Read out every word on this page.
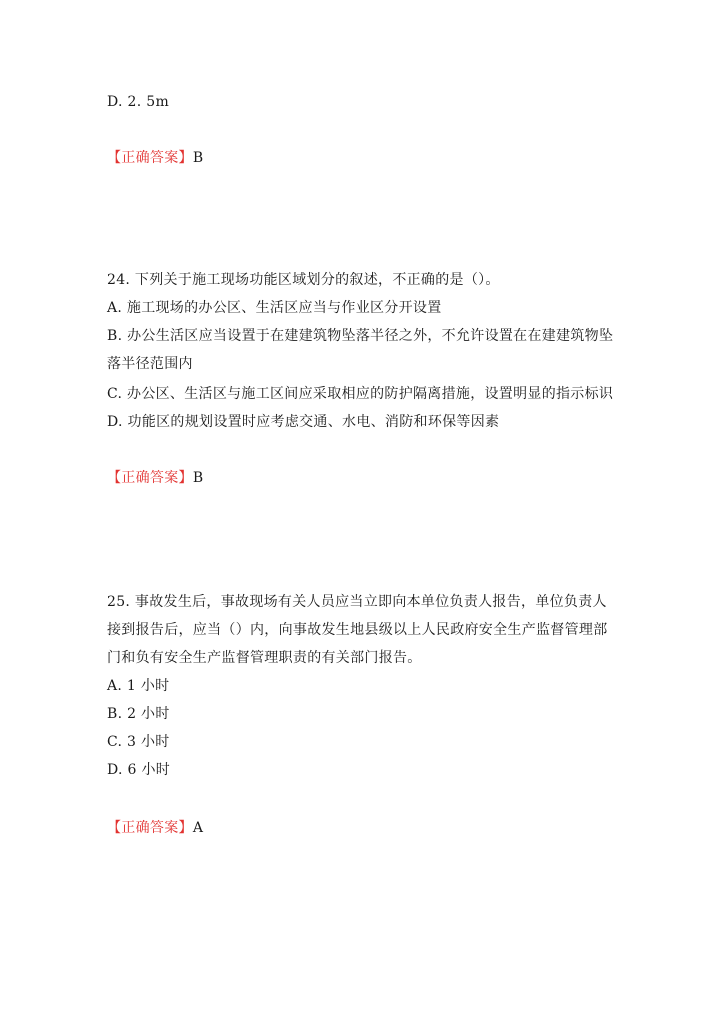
D. 2. 5m
【正确答案】B
24. 下列关于施工现场功能区域划分的叙述，不正确的是（）。
A. 施工现场的办公区、生活区应当与作业区分开设置
B. 办公生活区应当设置于在建建筑物坠落半径之外，不允许设置在在建建筑物坠
落半径范围内
C. 办公区、生活区与施工区间应采取相应的防护隔离措施，设置明显的指示标识
D. 功能区的规划设置时应考虑交通、水电、消防和环保等因素
【正确答案】B
25. 事故发生后，事故现场有关人员应当立即向本单位负责人报告，单位负责人
接到报告后，应当（）内，向事故发生地县级以上人民政府安全生产监督管理部
门和负有安全生产监督管理职责的有关部门报告。
A. 1 小时
B. 2 小时
C. 3 小时
D. 6 小时
【正确答案】A
